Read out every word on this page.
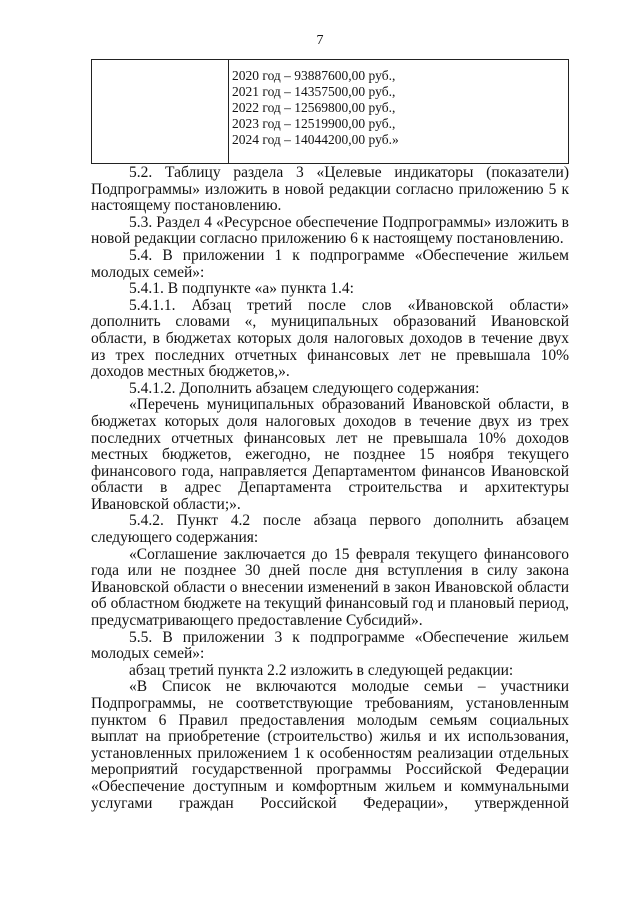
7
2020 год – 93887600,00 руб.,
2021 год – 14357500,00 руб.,
2022 год – 12569800,00 руб.,
2023 год – 12519900,00 руб.,
2024 год – 14044200,00 руб.»

5.2. Таблицу раздела 3 «Целевые индикаторы (показатели) Подпрограммы» изложить в новой редакции согласно приложению 5 к настоящему постановлению.

5.3. Раздел 4 «Ресурсное обеспечение Подпрограммы» изложить в новой редакции согласно приложению 6 к настоящему постановлению.

5.4. В приложении 1 к подпрограмме «Обеспечение жильем молодых семей»:

5.4.1. В подпункте «а» пункта 1.4:

5.4.1.1. Абзац третий после слов «Ивановской области» дополнить словами «, муниципальных образований Ивановской области, в бюджетах которых доля налоговых доходов в течение двух из трех последних отчетных финансовых лет не превышала 10% доходов местных бюджетов,».

5.4.1.2. Дополнить абзацем следующего содержания:

«Перечень муниципальных образований Ивановской области, в бюджетах которых доля налоговых доходов в течение двух из трех последних отчетных финансовых лет не превышала 10% доходов местных бюджетов, ежегодно, не позднее 15 ноября текущего финансового года, направляется Департаментом финансов Ивановской области в адрес Департамента строительства и архитектуры Ивановской области;».

5.4.2. Пункт 4.2 после абзаца первого дополнить абзацем следующего содержания:

«Соглашение заключается до 15 февраля текущего финансового года или не позднее 30 дней после дня вступления в силу закона Ивановской области о внесении изменений в закон Ивановской области об областном бюджете на текущий финансовый год и плановый период, предусматривающего предоставление Субсидий».

5.5. В приложении 3 к подпрограмме «Обеспечение жильем молодых семей»:

абзац третий пункта 2.2 изложить в следующей редакции:

«В Список не включаются молодые семьи – участники Подпрограммы, не соответствующие требованиям, установленным пунктом 6 Правил предоставления молодым семьям социальных выплат на приобретение (строительство) жилья и их использования, установленных приложением 1 к особенностям реализации отдельных мероприятий государственной программы Российской Федерации «Обеспечение доступным и комфортным жильем и коммунальными услугами граждан Российской Федерации», утвержденной
